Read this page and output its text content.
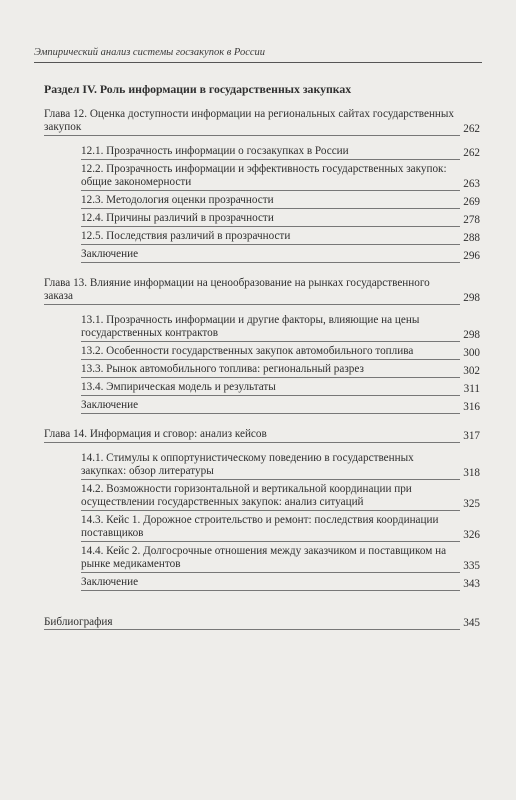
Эмпирический анализ системы госзакупок в России
Раздел IV. Роль информации в государственных закупках
Глава 12. Оценка доступности информации на региональных сайтах государственных закупок	262
12.1. Прозрачность информации о госзакупках в России	262
12.2. Прозрачность информации и эффективность государственных закупок: общие закономерности	263
12.3. Методология оценки прозрачности	269
12.4. Причины различий в прозрачности	278
12.5. Последствия различий в прозрачности	288
Заключение	296
Глава 13. Влияние информации на ценообразование на рынках государственного заказа	298
13.1. Прозрачность информации и другие факторы, влияющие на цены государственных контрактов	298
13.2. Особенности государственных закупок автомобильного топлива	300
13.3. Рынок автомобильного топлива: региональный разрез	302
13.4. Эмпирическая модель и результаты	311
Заключение	316
Глава 14. Информация и сговор: анализ кейсов	317
14.1. Стимулы к оппортунистическому поведению в государственных закупках: обзор литературы	318
14.2. Возможности горизонтальной и вертикальной координации при осуществлении государственных закупок: анализ ситуаций	325
14.3. Кейс 1. Дорожное строительство и ремонт: последствия координации поставщиков	326
14.4. Кейс 2. Долгосрочные отношения между заказчиком и поставщиком на рынке медикаментов	335
Заключение	343
Библиография	345
